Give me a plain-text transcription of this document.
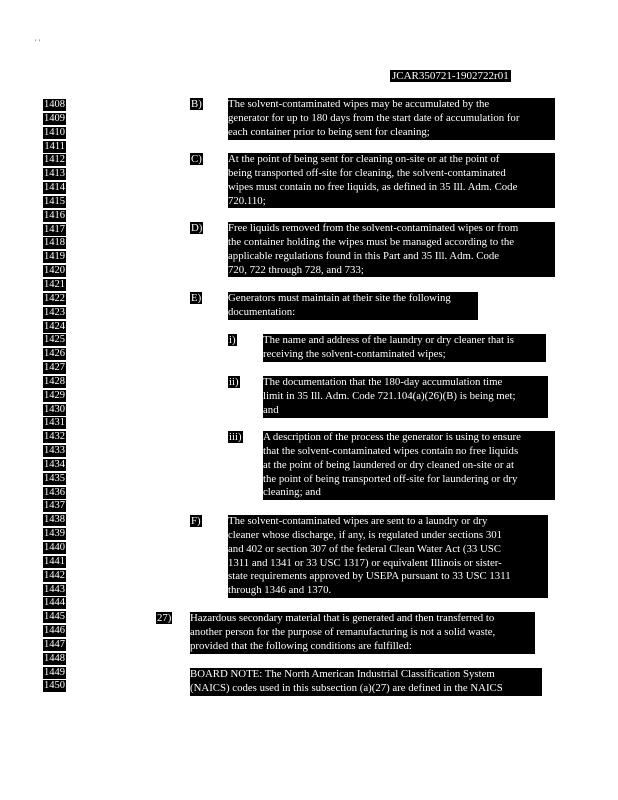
' '
JCAR350721-1902722r01
1408
1409
1410
1411
1412
1413
1414
1415
1416
1417
1418
1419
1420
1421
1422
1423
1424
1425
1426
1427
1428
1429
1430
1431
1432
1433
1434
1435
1436
1437
1438
1439
1440
1441
1442
1443
1444
1445
1446
1447
1448
1449
1450
B) The solvent-contaminated wipes may be accumulated by the
generator for up to 180 days from the start date of accumulation for
each container prior to being sent for cleaning;
C) At the point of being sent for cleaning on-site or at the point of
being transported off-site for cleaning, the solvent-contaminated
wipes must contain no free liquids, as defined in 35 Ill. Adm. Code
720.110;
D) Free liquids removed from the solvent-contaminated wipes or from
the container holding the wipes must be managed according to the
applicable regulations found in this Part and 35 Ill. Adm. Code
720, 722 through 728, and 733;
E) Generators must maintain at their site the following
documentation:
i)	The name and address of the laundry or dry cleaner that is
receiving the solvent-contaminated wipes;
ii) The documentation that the 180-day accumulation time
limit in 35 Ill. Adm. Code 721.104(a)(26)(B) is being met;
and
iii) A description of the process the generator is using to ensure
that the solvent-contaminated wipes contain no free liquids
at the point of being laundered or dry cleaned on-site or at
the point of being transported off-site for laundering or dry
cleaning; and
F)	The solvent-contaminated wipes are sent to a laundry or dry
cleaner whose discharge, if any, is regulated under sections 301
and 402 or section 307 of the federal Clean Water Act (33 USC
1311 and 1341 or 33 USC 1317) or equivalent Illinois or sister-
state requirements approved by USEPA pursuant to 33 USC 1311
through 1346 and 1370.
27) Hazardous secondary material that is generated and then transferred to
another person for the purpose of remanufacturing is not a solid waste,
provided that the following conditions are fulfilled:
BOARD NOTE: The North American Industrial Classification System
(NAICS) codes used in this subsection (a)(27) are defined in the NAICS
